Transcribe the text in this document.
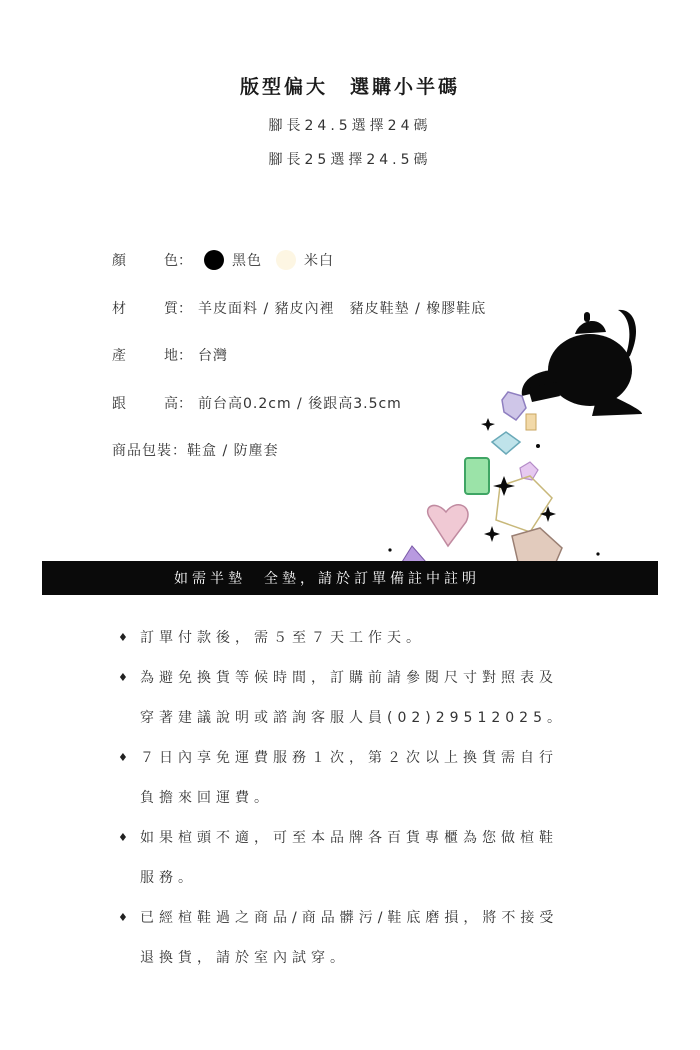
版型偏大　選購小半碼
腳長24.5選擇24碼
腳長25選擇24.5碼
顏	色：	黑色	米白
材	質： 羊皮面料 / 豬皮內裡　豬皮鞋墊 / 橡膠鞋底
產	地： 台灣
跟	高： 前台高0.2cm / 後跟高3.5cm
商品包裝： 鞋盒 / 防塵套
如需半墊　全墊，請於訂單備註中註明
♦ 訂單付款後，需５至７天工作天。
♦ 為避免換貨等候時間，訂購前請參閱尺寸對照表及
穿著建議說明或諮詢客服人員(02)29512025。
♦ ７日內享免運費服務１次，第２次以上換貨需自行
負擔來回運費。
♦ 如果楦頭不適，可至本品牌各百貨專櫃為您做楦鞋
服務。
♦ 已經楦鞋過之商品/商品髒污/鞋底磨損，將不接受
退換貨，請於室內試穿。
